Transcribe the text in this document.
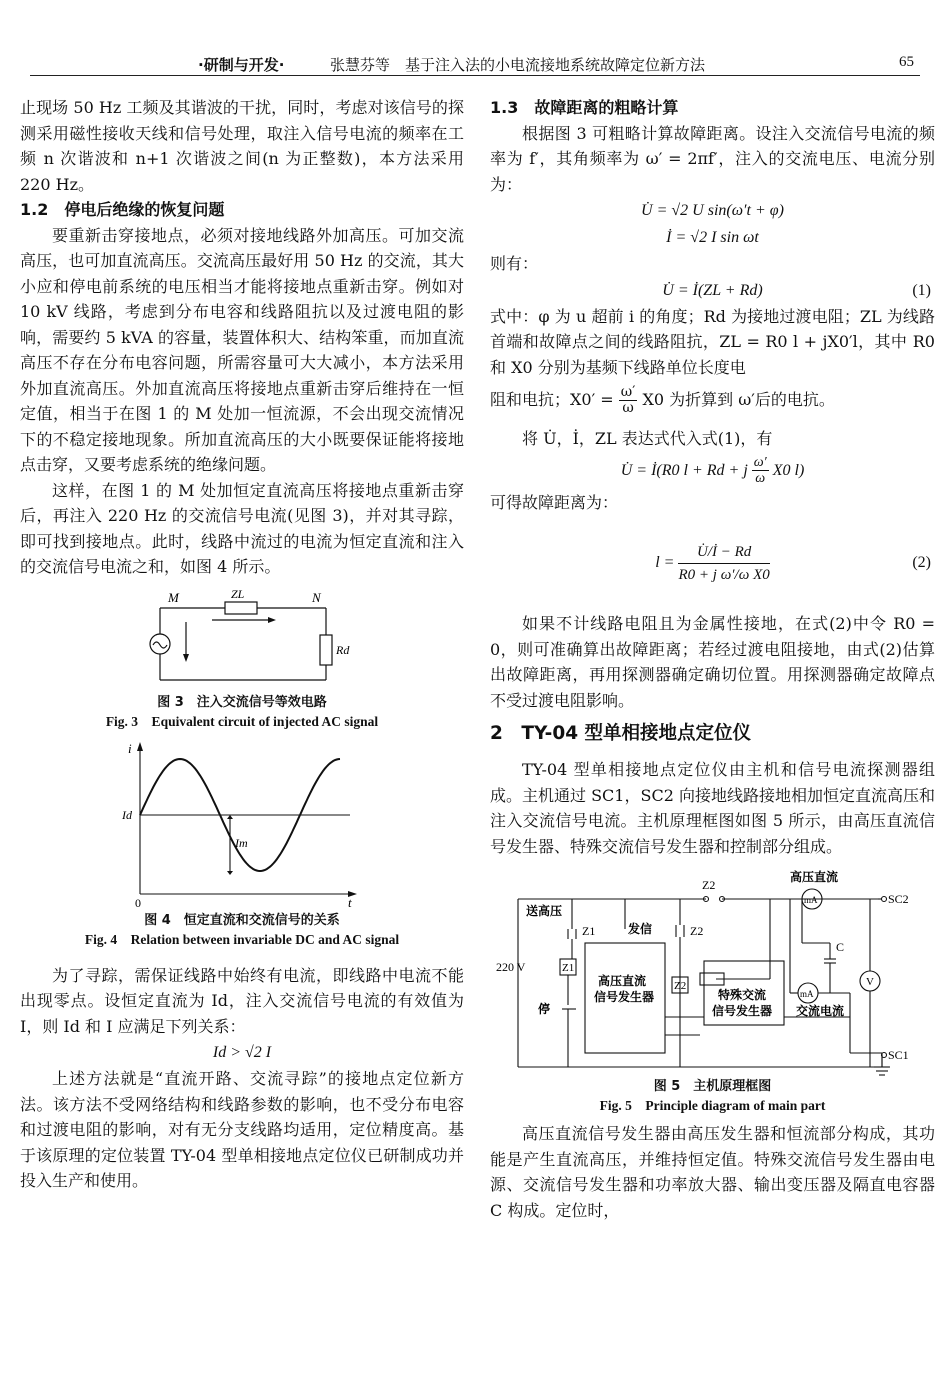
·研制与开发·	张慧芬等　基于注入法的小电流接地系统故障定位新方法	65

止现场 50 Hz 工频及其谐波的干扰，同时，考虑对该信号的探测采用磁性接收天线和信号处理，取注入信号电流的频率在工频 n 次谐波和 n+1 次谐波之间(n 为正整数)，本方法采用 220 Hz。

1.2　停电后绝缘的恢复问题

要重新击穿接地点，必须对接地线路外加高压。可加交流高压，也可加直流高压。交流高压最好用 50 Hz 的交流，其大小应和停电前系统的电压相当才能将接地点重新击穿。例如对 10 kV 线路，考虑到分布电容和线路阻抗以及过渡电阻的影响，需要约 5 kVA 的容量，装置体积大、结构笨重，而加直流高压不存在分布电容问题，所需容量可大大减小，本方法采用外加直流高压。外加直流高压将接地点重新击穿后维持在一恒定值，相当于在图 1 的 M 处加一恒流源，不会出现交流情况下的不稳定接地现象。所加直流高压的大小既要保证能将接地点击穿，又要考虑系统的绝缘问题。

这样，在图 1 的 M 处加恒定直流高压将接地点重新击穿后，再注入 220 Hz 的交流信号电流(见图 3)，并对其寻踪，即可找到接地点。此时，线路中流过的电流为恒定直流和注入的交流信号电流之和，如图 4 所示。

M	N
ZL
Rd
图 3　注入交流信号等效电路
Fig. 3　Equivalent circuit of injected AC signal
i
t
0
Id
Im
图 4　恒定直流和交流信号的关系
Fig. 4　Relation between invariable DC and AC signal

为了寻踪，需保证线路中始终有电流，即线路中电流不能出现零点。设恒定直流为 Id，注入交流信号电流的有效值为 I，则 Id 和 I 应满足下列关系：

Id > √2 I

上述方法就是“直流开路、交流寻踪”的接地点定位新方法。该方法不受网络结构和线路参数的影响，也不受分布电容和过渡电阻的影响，对有无分支线路均适用，定位精度高。基于该原理的定位装置 TY-04 型单相接地点定位仪已研制成功并投入生产和使用。

1.3　故障距离的粗略计算

根据图 3 可粗略计算故障距离。设注入交流信号电流的频率为 f′，其角频率为 ω′ = 2πf′，注入的交流电压、电流分别为：

U̇ = √2 U sin(ω′t + φ)
İ = √2 I sin ωt

则有：

U̇ = İ(ZL + Rd)	(1)

式中：φ 为 u 超前 i 的角度；Rd 为接地过渡电阻；ZL 为线路首端和故障点之间的线路阻抗，ZL = R0 l + jX0′l，其中 R0 和 X0 分别为基频下线路单位长度电

阻和电抗；$X0' = \frac{\omega'}{\omega} X0$ 为折算到 ω′后的电抗。

将 U̇，İ，ZL 表达式代入式(1)，有

U̇ = İ(R0 l + Rd + j $\frac{\omega'}{\omega} X0$ l)

可得故障距离为：

$l = \frac{U̇/İ - Rd}{\text{R0 + j ω′/ω X0}}$	(2)

如果不计线路电阻且为金属性接地，在式(2)中令 R0 = 0，则可准确算出故障距离；若经过渡电阻接地，由式(2)估算出故障距离，再用探测器确定确切位置。用探测器确定故障点不受过渡电阻影响。

2　TY-04 型单相接地点定位仪

TY-04 型单相接地点定位仪由主机和信号电流探测器组成。主机通过 SC1，SC2 向接地线路接地相加恒定直流高压和注入交流信号电流。主机原理框图如图 5 所示，由高压直流信号发生器、特殊交流信号发生器和控制部分组成。

高压直流
SC2
SC1
Z2
送高压
Z1	发信	Z2
220 V	Z1
停
Z2
高压直流
信号发生器	特殊交流
信号发生器
C
mA
mA
V
交流电流
图 5　主机原理框图
Fig. 5　Principle diagram of main part

高压直流信号发生器由高压发生器和恒流部分构成，其功能是产生直流高压，并维持恒定值。特殊交流信号发生器由电源、交流信号发生器和功率放大器、输出变压器及隔直电容器 C 构成。定位时，
